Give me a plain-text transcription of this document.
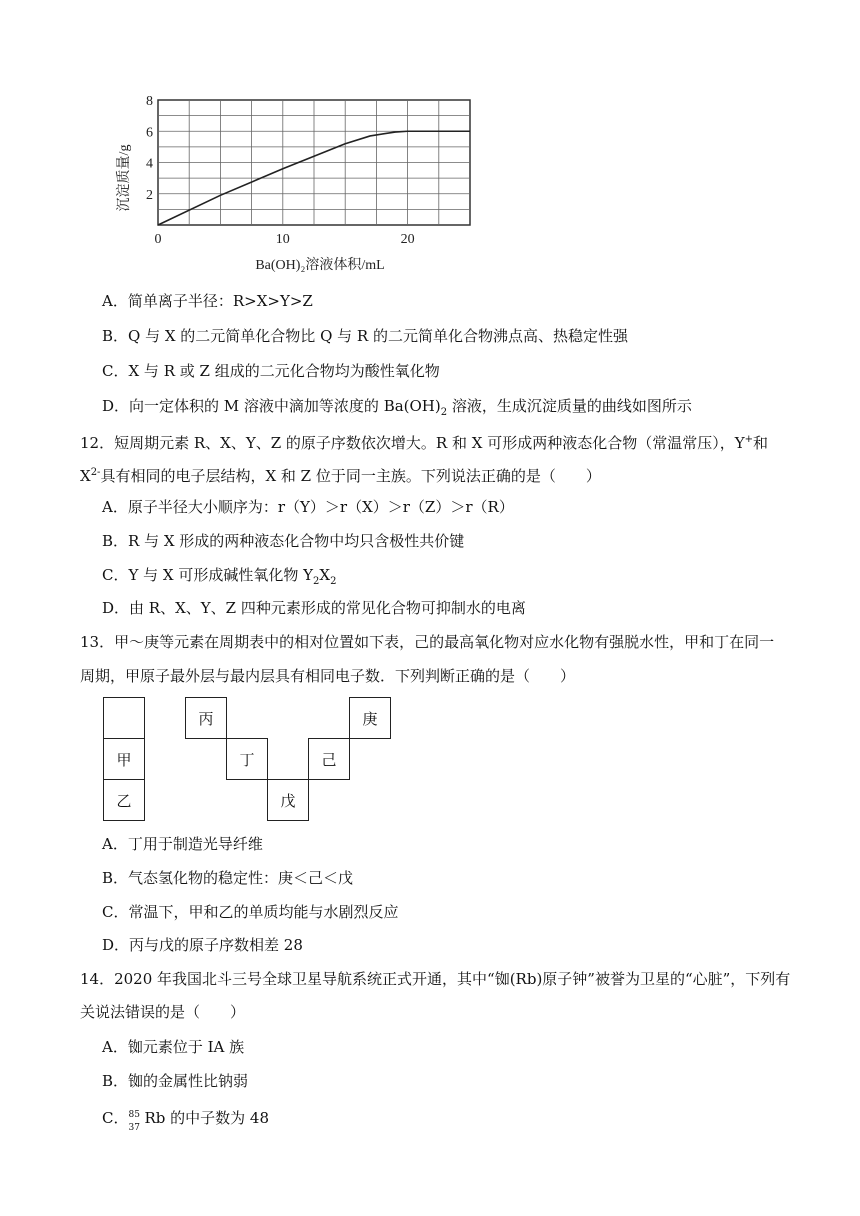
0	10	20
2
4
6
8
沉淀质量/g
Ba(OH)₂溶液体积/mL
A．简单离子半径：R>X>Y>Z
B．Q 与 X 的二元简单化合物比 Q 与 R 的二元简单化合物沸点高、热稳定性强
C．X 与 R 或 Z 组成的二元化合物均为酸性氧化物
D．向一定体积的 M 溶液中滴加等浓度的 $Ba(OH)_2$ 溶液，生成沉淀质量的曲线如图所示
12．短周期元素 R、X、Y、Z 的原子序数依次增大。R 和 X 可形成两种液态化合物（常温常压），Y+和
$X^{2-}$具有相同的电子层结构，X 和 Z 位于同一主族。下列说法正确的是（　　）
A．原子半径大小顺序为：r（Y）＞r（X）＞r（Z）＞r（R）
B．R 与 X 形成的两种液态化合物中均只含极性共价键
C．Y 与 X 可形成碱性氧化物 $Y_2X_2$
D．由 R、X、Y、Z 四种元素形成的常见化合物可抑制水的电离
13．甲～庚等元素在周期表中的相对位置如下表，己的最高氧化物对应水化物有强脱水性，甲和丁在同一
周期，甲原子最外层与最内层具有相同电子数．下列判断正确的是（　　）
甲
乙
丙
丁
戊
己
庚
A．丁用于制造光导纤维
B．气态氢化物的稳定性：庚＜己＜戊
C．常温下，甲和乙的单质均能与水剧烈反应
D．丙与戊的原子序数相差 28
14．2020 年我国北斗三号全球卫星导航系统正式开通，其中“铷(Rb)原子钟”被誉为卫星的“心脏”，下列有
关说法错误的是（　　）
A．铷元素位于 IA 族
B．铷的金属性比钠弱
C． 85
37
Rb 的中子数为 48
